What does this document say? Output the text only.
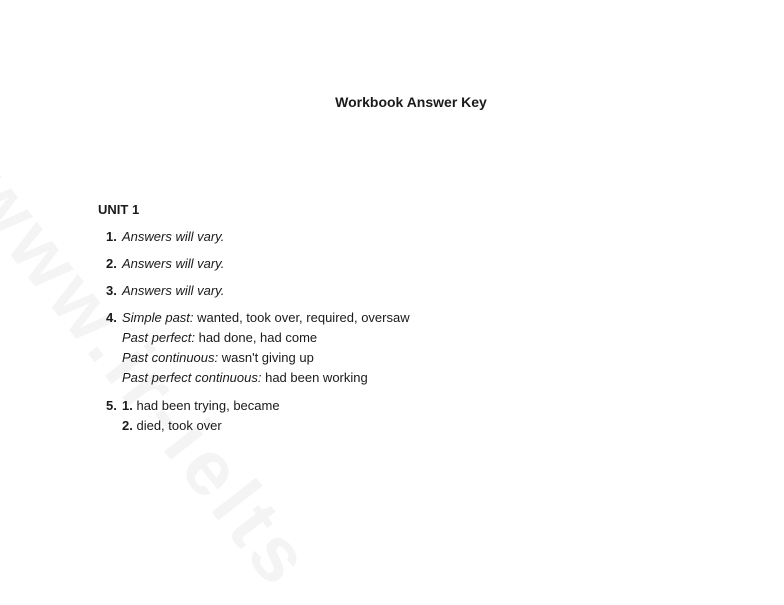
Workbook Answer Key
UNIT 1
1. Answers will vary.
2. Answers will vary.
3. Answers will vary.
4. Simple past: wanted, took over, required, oversaw
Past perfect: had done, had come
Past continuous: wasn't giving up
Past perfect continuous: had been working
5. 1. had been trying, became
2. died, took over
